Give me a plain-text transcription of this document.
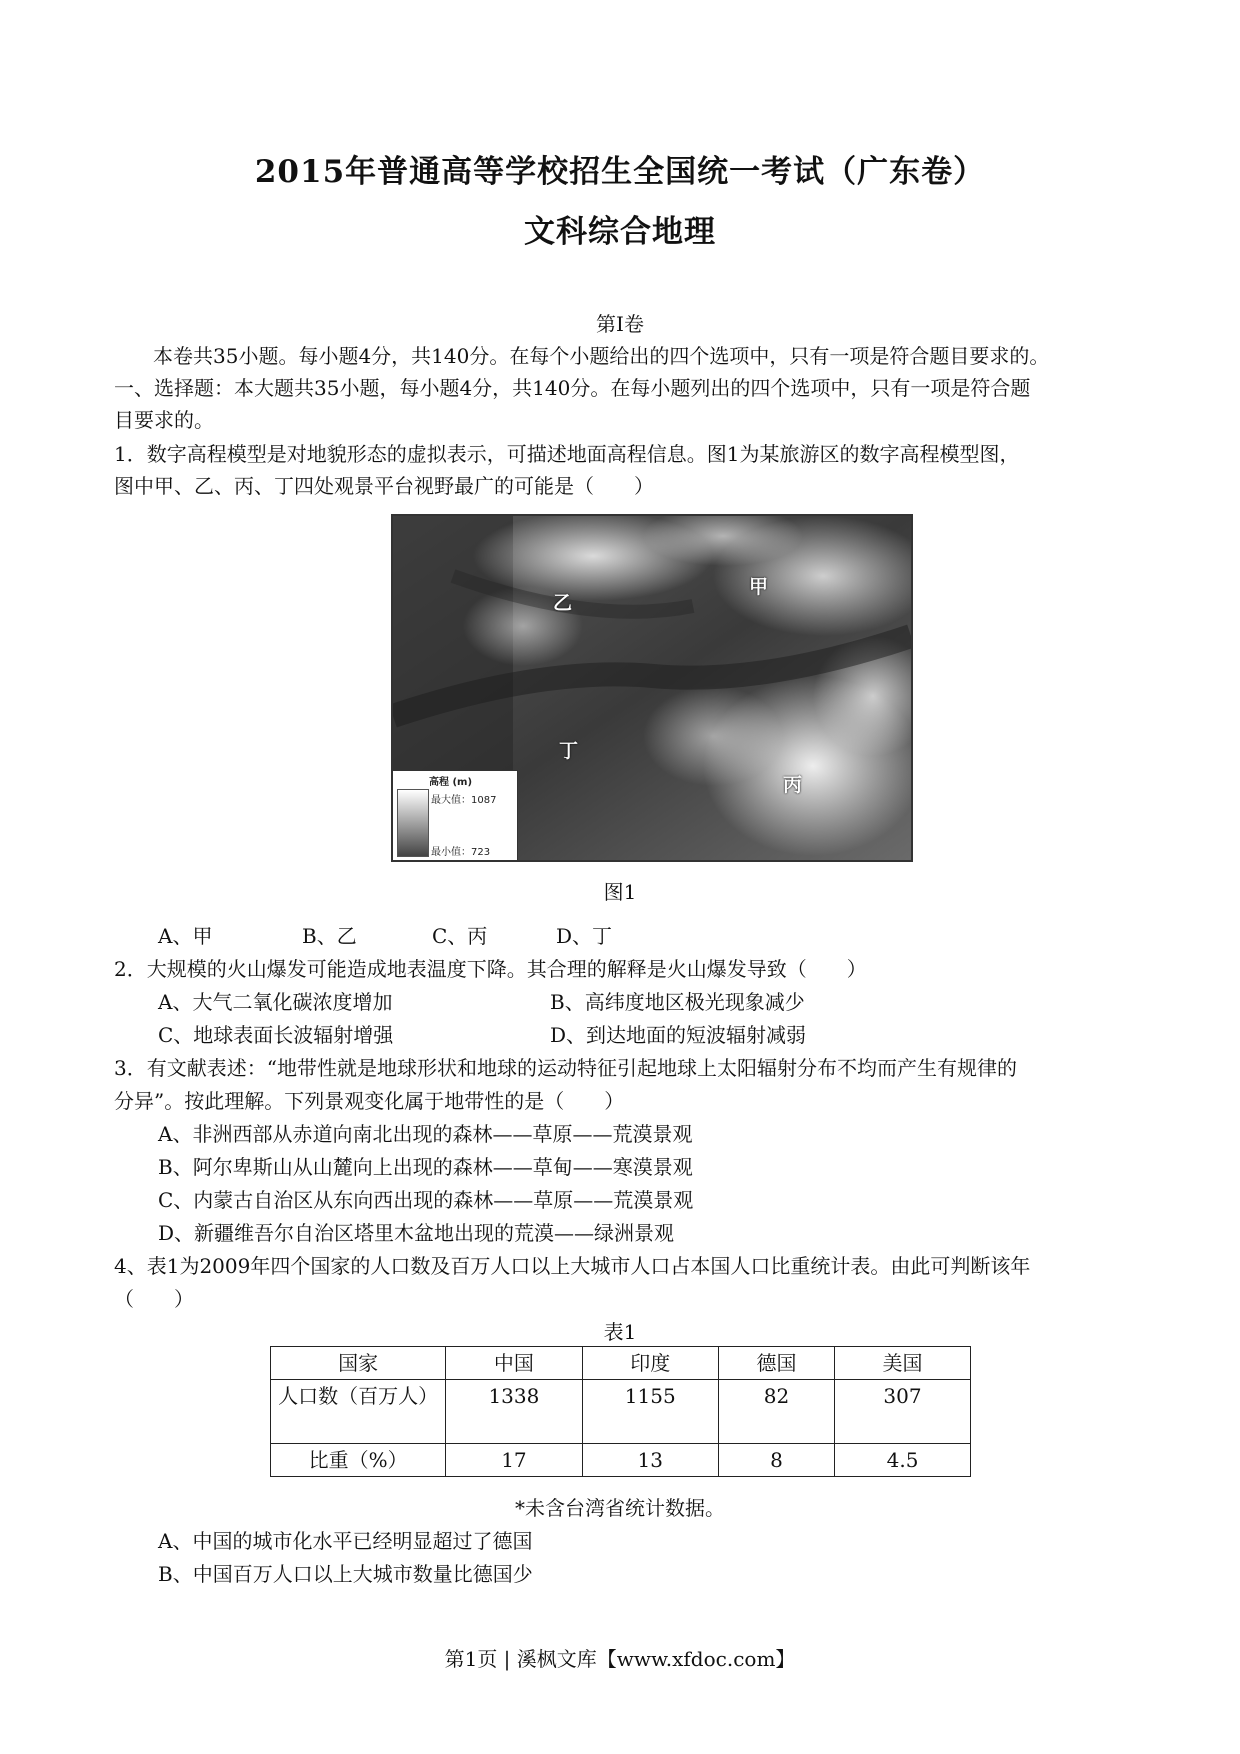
2015年普通高等学校招生全国统一考试（广东卷）
文科综合地理
第Ⅰ卷
本卷共35小题。每小题4分，共140分。在每个小题给出的四个选项中，只有一项是符合题目要求的。
一、选择题：本大题共35小题，每小题4分，共140分。在每小题列出的四个选项中，只有一项是符合题
目要求的。
1．数字高程模型是对地貌形态的虚拟表示，可描述地面高程信息。图1为某旅游区的数字高程模型图，
图中甲、乙、丙、丁四处观景平台视野最广的可能是（　　）
乙
甲
丁
丙
高程 (m)
最大值：1087
最小值：723
图1
A、甲	B、乙	C、丙	D、丁
2．大规模的火山爆发可能造成地表温度下降。其合理的解释是火山爆发导致（　　）
A、大气二氧化碳浓度增加	B、高纬度地区极光现象减少
C、地球表面长波辐射增强	D、到达地面的短波辐射减弱
3．有文献表述：“地带性就是地球形状和地球的运动特征引起地球上太阳辐射分布不均而产生有规律的
分异”。按此理解。下列景观变化属于地带性的是（　　）
A、非洲西部从赤道向南北出现的森林——草原——荒漠景观
B、阿尔卑斯山从山麓向上出现的森林——草甸——寒漠景观
C、内蒙古自治区从东向西出现的森林——草原——荒漠景观
D、新疆维吾尔自治区塔里木盆地出现的荒漠——绿洲景观
4、表1为2009年四个国家的人口数及百万人口以上大城市人口占本国人口比重统计表。由此可判断该年
（　　）
表1
国家	中国	印度	德国	美国
人口数（百万人）	1338	1155	82	307
比重（%）	17	13	8	4.5
*未含台湾省统计数据。
A、中国的城市化水平已经明显超过了德国
B、中国百万人口以上大城市数量比德国少
第1页 | 溪枫文库【www.xfdoc.com】
